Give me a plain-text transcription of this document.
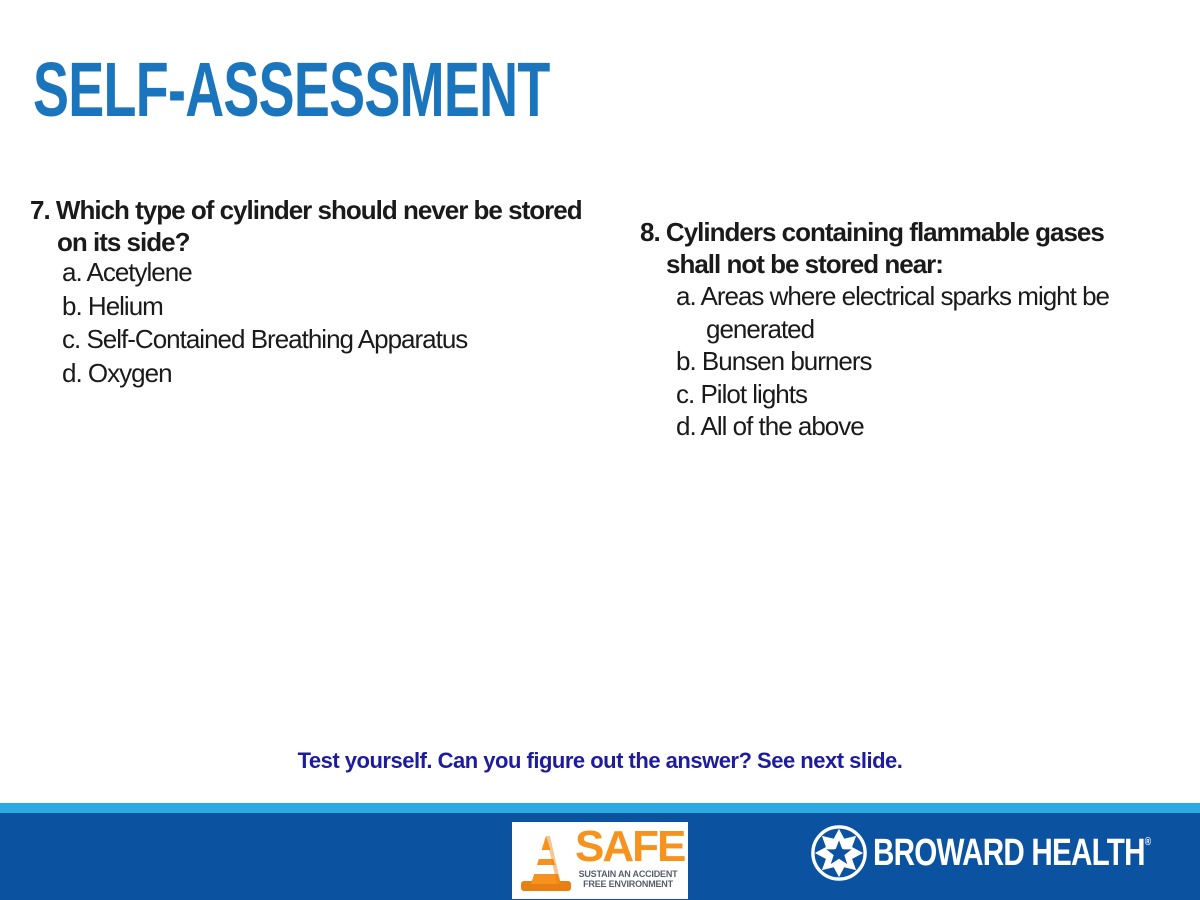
SELF-ASSESSMENT

7. Which type of cylinder should never be stored on its side?

a. Acetylene
b. Helium
c. Self-Contained Breathing Apparatus
d. Oxygen

8. Cylinders containing flammable gases shall not be stored near:

a. Areas where electrical sparks might be generated
b. Bunsen burners
c. Pilot lights
d. All of the above

Test yourself. Can you figure out the answer? See next slide.

SAFE
SUSTAIN AN ACCIDENT
FREE ENVIRONMENT
BROWARD HEALTH®
